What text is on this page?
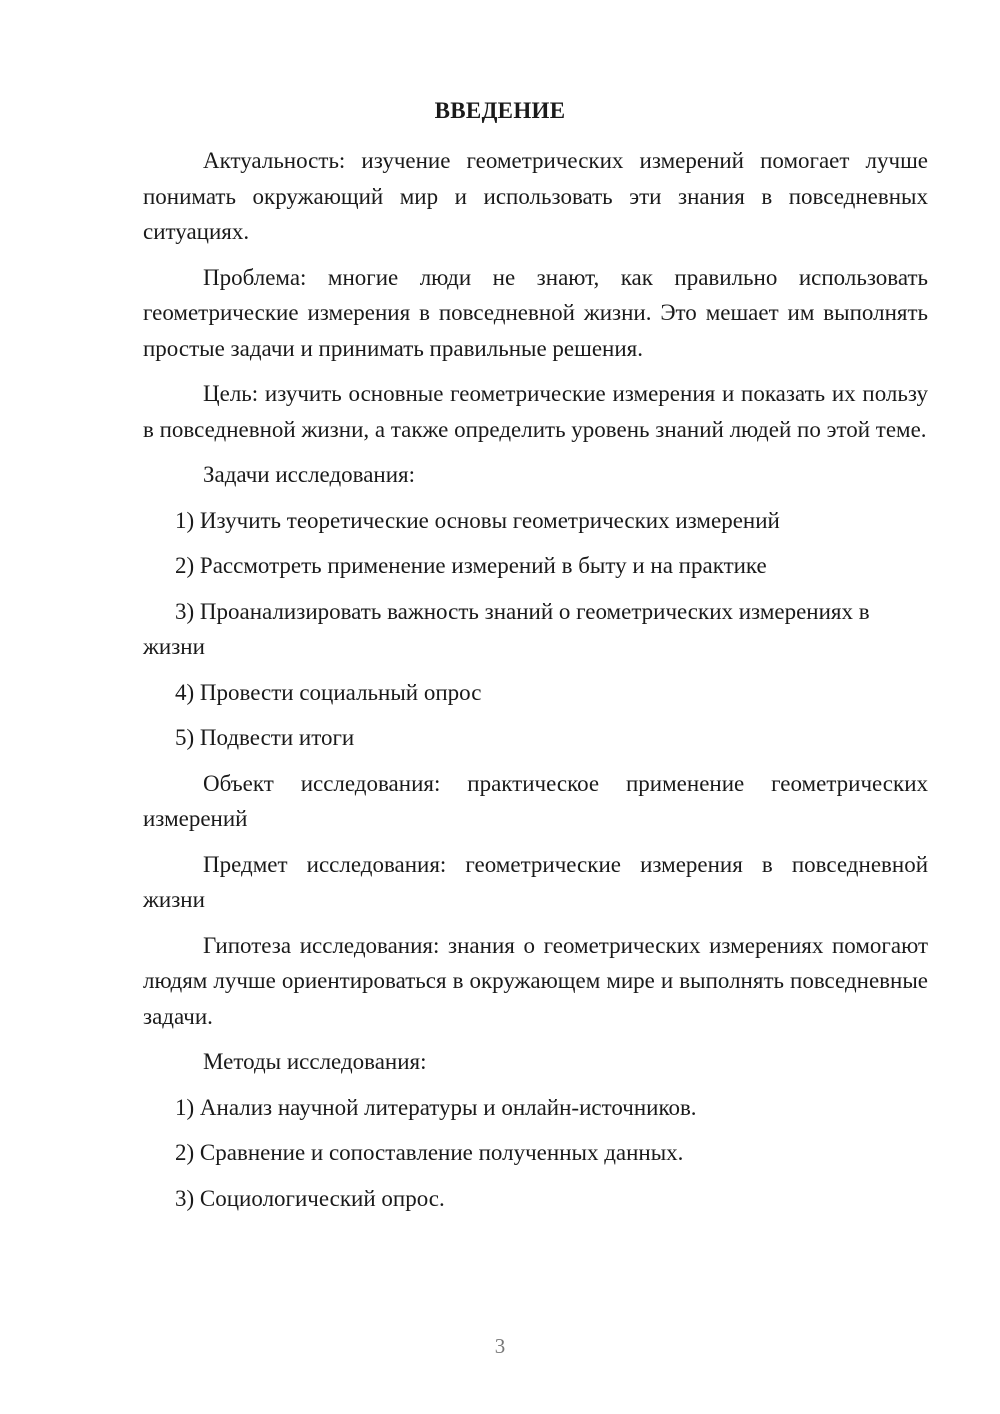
ВВЕДЕНИЕ

Актуальность: изучение геометрических измерений помогает лучше понимать окружающий мир и использовать эти знания в повседневных ситуациях.

Проблема: многие люди не знают, как правильно использовать геометрические измерения в повседневной жизни. Это мешает им выполнять простые задачи и принимать правильные решения.

Цель: изучить основные геометрические измерения и показать их пользу в повседневной жизни, а также определить уровень знаний людей по этой теме.

Задачи исследования:

1) Изучить теоретические основы геометрических измерений

2) Рассмотреть применение измерений в быту и на практике

3) Проанализировать важность знаний о геометрических измерениях в жизни

4) Провести социальный опрос

5) Подвести итоги

Объект исследования: практическое применение геометрических измерений

Предмет исследования: геометрические измерения в повседневной жизни

Гипотеза исследования: знания о геометрических измерениях помогают людям лучше ориентироваться в окружающем мире и выполнять повседневные задачи.

Методы исследования:

1) Анализ научной литературы и онлайн-источников.

2) Сравнение и сопоставление полученных данных.

3) Социологический опрос.

3
